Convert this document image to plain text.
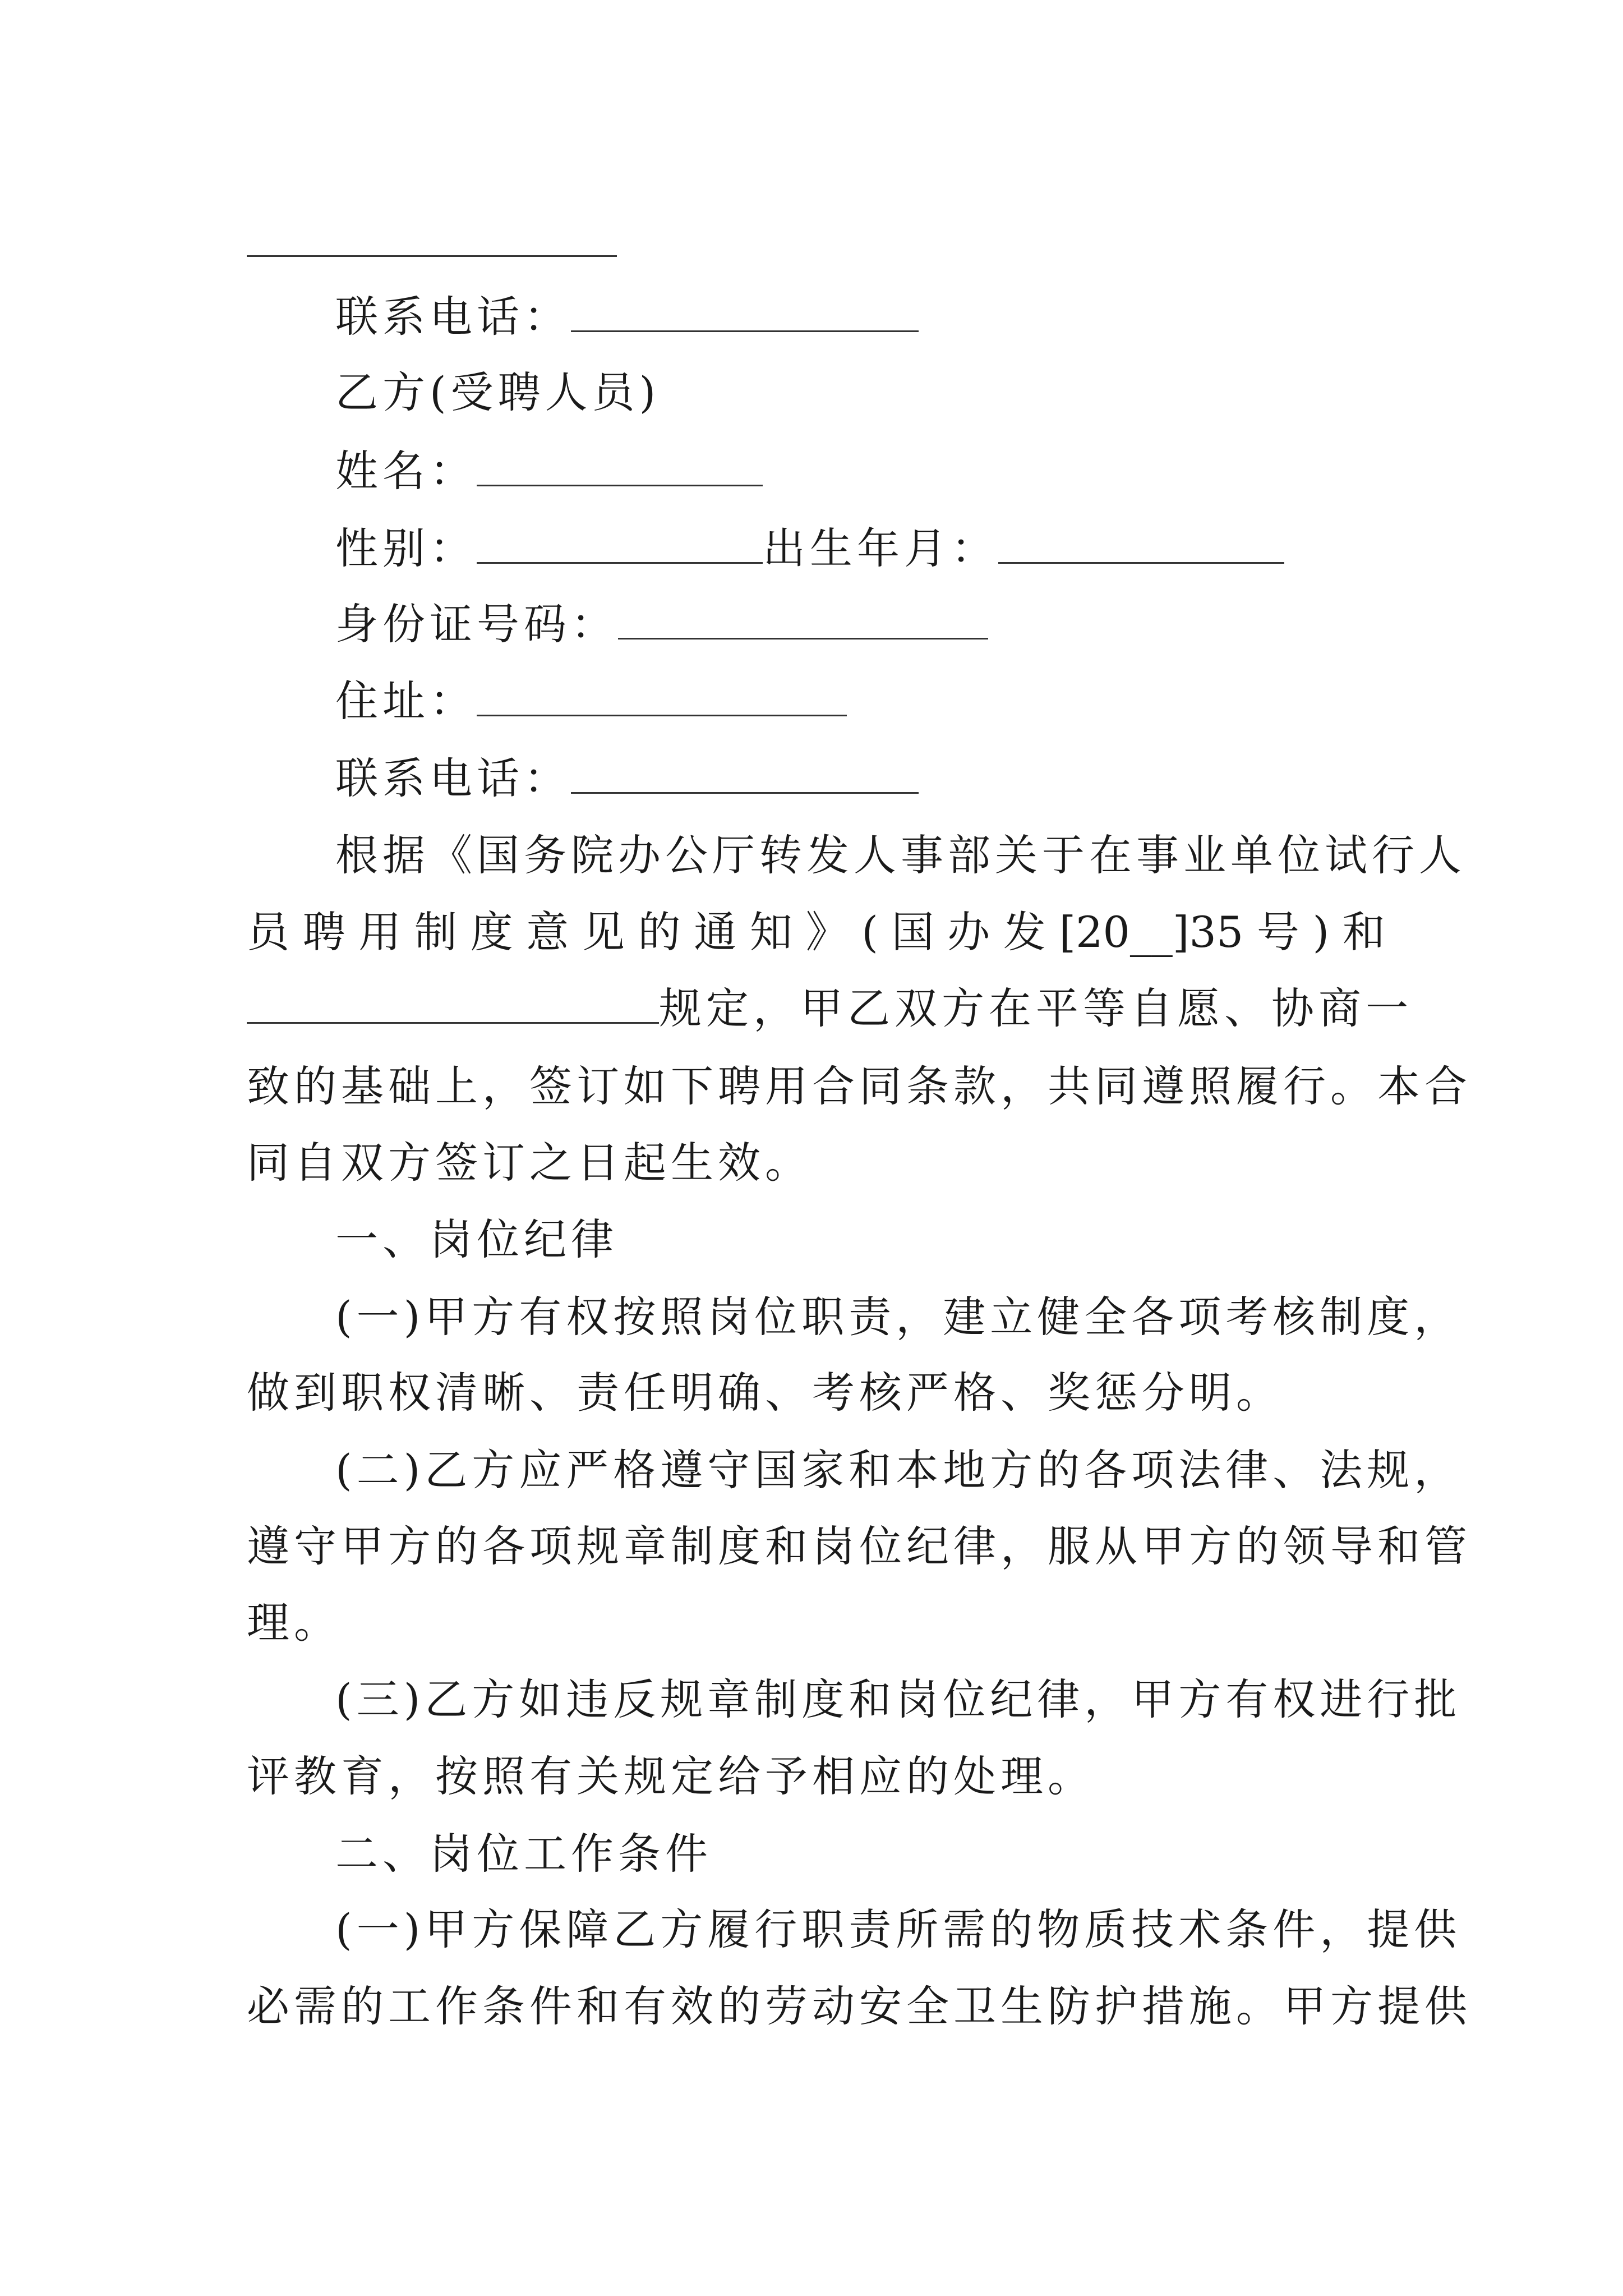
联系电话：
乙方(受聘人员)
姓名：
性别：	出生年月：
身份证号码：
住址：
联系电话：
根据《国务院办公厅转发人事部关于在事业单位试行人
员 聘 用 制 度 意 见 的 通 知 》 ( 国 办 发 [20__]35 号 ) 和
规定，甲乙双方在平等自愿、协商一
致的基础上，签订如下聘用合同条款，共同遵照履行。本合
同自双方签订之日起生效。
一、岗位纪律
(一)甲方有权按照岗位职责，建立健全各项考核制度，
做到职权清晰、责任明确、考核严格、奖惩分明。
(二)乙方应严格遵守国家和本地方的各项法律、法规，
遵守甲方的各项规章制度和岗位纪律，服从甲方的领导和管
理。
(三)乙方如违反规章制度和岗位纪律，甲方有权进行批
评教育，按照有关规定给予相应的处理。
二、岗位工作条件
(一)甲方保障乙方履行职责所需的物质技术条件，提供
必需的工作条件和有效的劳动安全卫生防护措施。甲方提供
